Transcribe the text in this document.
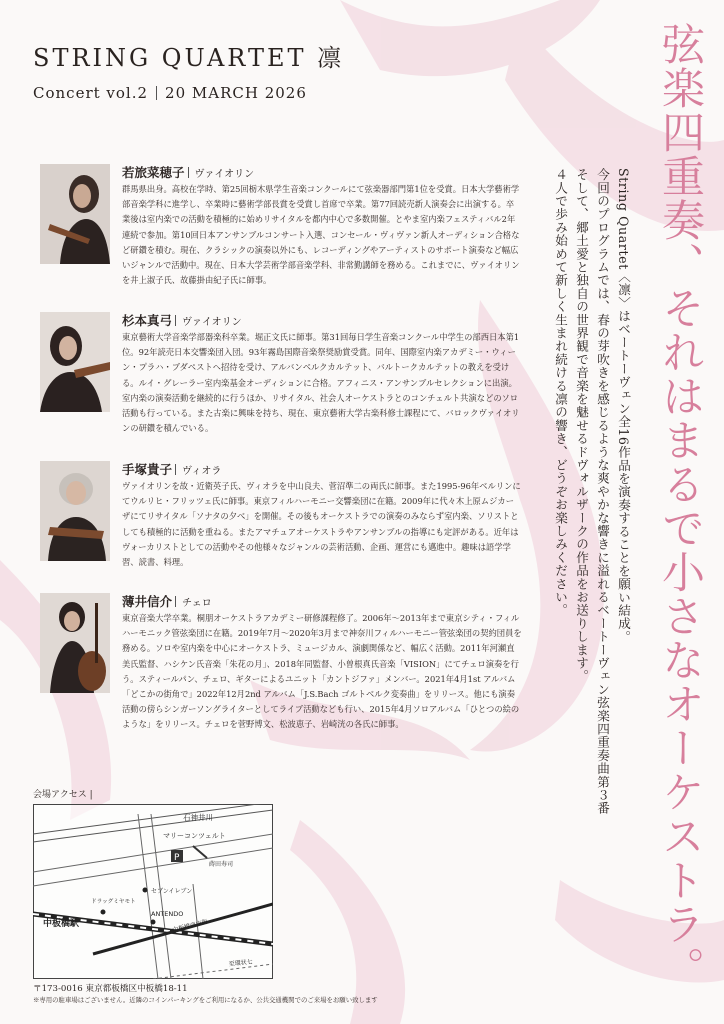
STRING QUARTET 凛
Concert vol.2 20 MARCH 2026	弦楽四重奏、それはまるで小さなオーケストラ。

String Quartet〈凛〉はベートーヴェン全16作品を演奏することを願い結成。

今回のプログラムでは、春の芽吹きを感じるような爽やかな響きに溢れるベートーヴェン弦楽四重奏曲第３番

そして、郷土愛と独自の世界観で音楽を魅せるドヴォルザークの作品をお送りします。

４人で歩み始めて新しく生まれ続ける凛の響き、どうぞお楽しみください。

若旅菜穂子 ヴァイオリン
群馬県出身。高校在学時、第25回栃木県学生音楽コンクールにて弦楽器部門第1位を受賞。日本大学藝術学部音楽学科に進学し、卒業時に藝術学部長賞を受賞し首席で卒業。第77回読売新人演奏会に出演する。卒業後は室内楽での活動を積極的に始めリサイタルを都内中心で多数開催。とやま室内楽フェスティバル2年連続で参加。第10回日本アンサンブルコンサート入選、コンセール・ヴィヴァン新人オーディション合格など研鑽を積む。現在、クラシックの演奏以外にも、レコーディングやアーティストのサポート演奏など幅広いジャンルで活動中。現在、日本大学芸術学部音楽学科、非常勤講師を務める。これまでに、ヴァイオリンを井上淑子氏、故藤掛由紀子氏に師事。
杉本真弓 ヴァイオリン
東京藝術大学音楽学部器楽科卒業。堀正文氏に師事。第31回毎日学生音楽コンクール中学生の部西日本第1位。92年読売日本交響楽団入団。93年霧島国際音楽祭奨励賞受賞。同年、国際室内楽アカデミー・ウィーン・プラハ・ブダペストへ招待を受け、アルバンベルクカルテット、バルトークカルテットの教えを受ける。ルイ・グレーラー室内楽基金オーディションに合格。アフィニス・アンサンブルセレクションに出演。室内楽の演奏活動を継続的に行うほか、リサイタル、社会人オーケストラとのコンチェルト共演などのソロ活動も行っている。また古楽に興味を持ち、現在、東京藝術大学古楽科修士課程にて、バロックヴァイオリンの研鑽を積んでいる。
手塚貴子 ヴィオラ
ヴァイオリンを故・近衛英子氏、ヴィオラを中山良夫、菅沼準二の両氏に師事。また1995-96年ベルリンにてウルリヒ・フリッツェ氏に師事。東京フィルハーモニー交響楽団に在籍。2009年に代々木上原ムジカーザにてリサイタル「ソナタの夕べ」を開催。その後もオーケストラでの演奏のみならず室内楽、ソリストとしても積極的に活動を重ねる。またアマチュアオーケストラやアンサンブルの指導にも定評がある。近年はヴォーカリストとしての活動やその他様々なジャンルの芸術活動、企画、運営にも邁進中。趣味は語学学習、読書、料理。
薄井信介 チェロ
東京音楽大学卒業。桐朋オーケストラアカデミー研修課程修了。2006年〜2013年まで東京シティ・フィルハーモニック管弦楽団に在籍。2019年7月〜2020年3月まで神奈川フィルハーモニー管弦楽団の契約団員を務める。ソロや室内楽を中心にオーケストラ、ミュージカル、演劇関係など、幅広く活動。2011年河瀬直美氏監督、ハシケン氏音楽「朱花の月」、2018年同監督、小曽根真氏音楽「VISION」にてチェロ演奏を行う。スティールパン、チェロ、ギターによるユニット「カントジファ」メンバー。2021年4月1st アルバム「どこかの街角で」2022年12月2nd アルバム「J.S.Bach ゴルトベルク変奏曲」をリリース。他にも演奏活動の傍らシンガーソングライターとしてライブ活動なども行い、2015年4月ソロアルバム「ひとつの絵のような」をリリース。チェロを菅野博文、松波恵子、岩崎洸の各氏に師事。
会場アクセス |
石神井川
P
マリーコンツェルト
蒔田寿司
セブンイレブン
ドラッグミヤモト
ANTENDO
中板橋駅	中板橋商店街
至環状七
〒173-0016 東京都板橋区中板橋18-11
※専用の駐車場はございません。近隣のコインパーキングをご利用になるか、公共交通機関でのご来場をお願い致します
